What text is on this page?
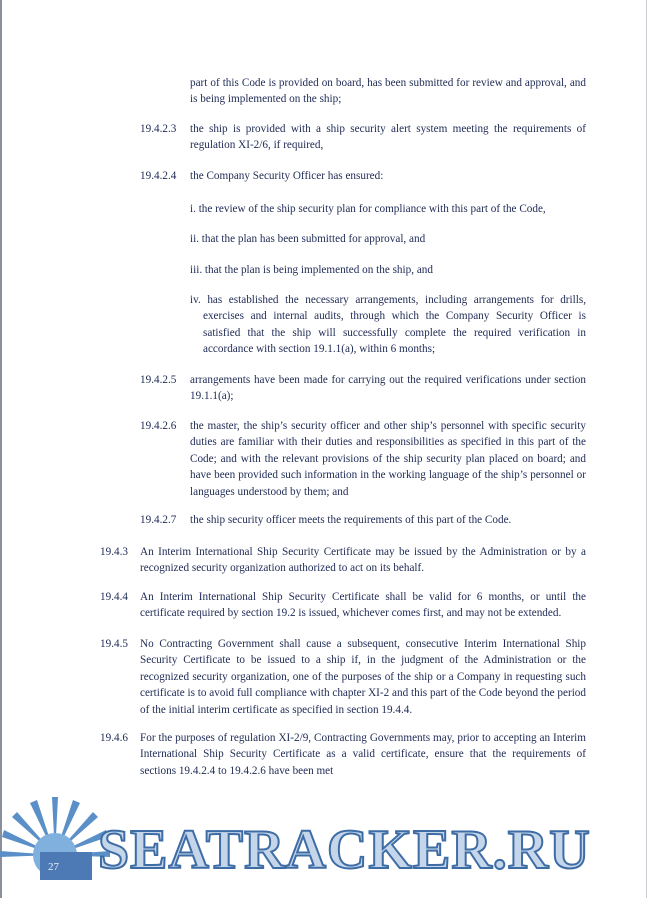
part of this Code is provided on board, has been submitted for review and approval, and is being implemented on the ship;

19.4.2.3 the ship is provided with a ship security alert system meeting the requirements of regulation XI-2/6, if required,

19.4.2.4 the Company Security Officer has ensured:

i. the review of the ship security plan for compliance with this part of the Code,

ii. that the plan has been submitted for approval, and

iii. that the plan is being implemented on the ship, and

iv. has established the necessary arrangements, including arrangements for drills, exercises and internal audits, through which the Company Security Officer is satisfied that the ship will successfully complete the required verification in accordance with section 19.1.1(a), within 6 months;

19.4.2.5 arrangements have been made for carrying out the required verifications under section 19.1.1(a);

19.4.2.6 the master, the ship’s security officer and other ship’s personnel with specific security duties are familiar with their duties and responsibilities as specified in this part of the Code; and with the relevant provisions of the ship security plan placed on board; and have been provided such information in the working language of the ship’s personnel or languages understood by them; and

19.4.2.7 the ship security officer meets the requirements of this part of the Code.

19.4.3 An Interim International Ship Security Certificate may be issued by the Administration or by a recognized security organization authorized to act on its behalf.

19.4.4 An Interim International Ship Security Certificate shall be valid for 6 months, or until the certificate required by section 19.2 is issued, whichever comes first, and may not be extended.

19.4.5 No Contracting Government shall cause a subsequent, consecutive Interim International Ship Security Certificate to be issued to a ship if, in the judgment of the Administration or the recognized security organization, one of the purposes of the ship or a Company in requesting such certificate is to avoid full compliance with chapter XI-2 and this part of the Code beyond the period of the initial interim certificate as specified in section 19.4.4.

19.4.6 For the purposes of regulation XI-2/9, Contracting Governments may, prior to accepting an Interim International Ship Security Certificate as a valid certificate, ensure that the requirements of sections 19.4.2.4 to 19.4.2.6 have been met

27 SEATRACKER.RU
